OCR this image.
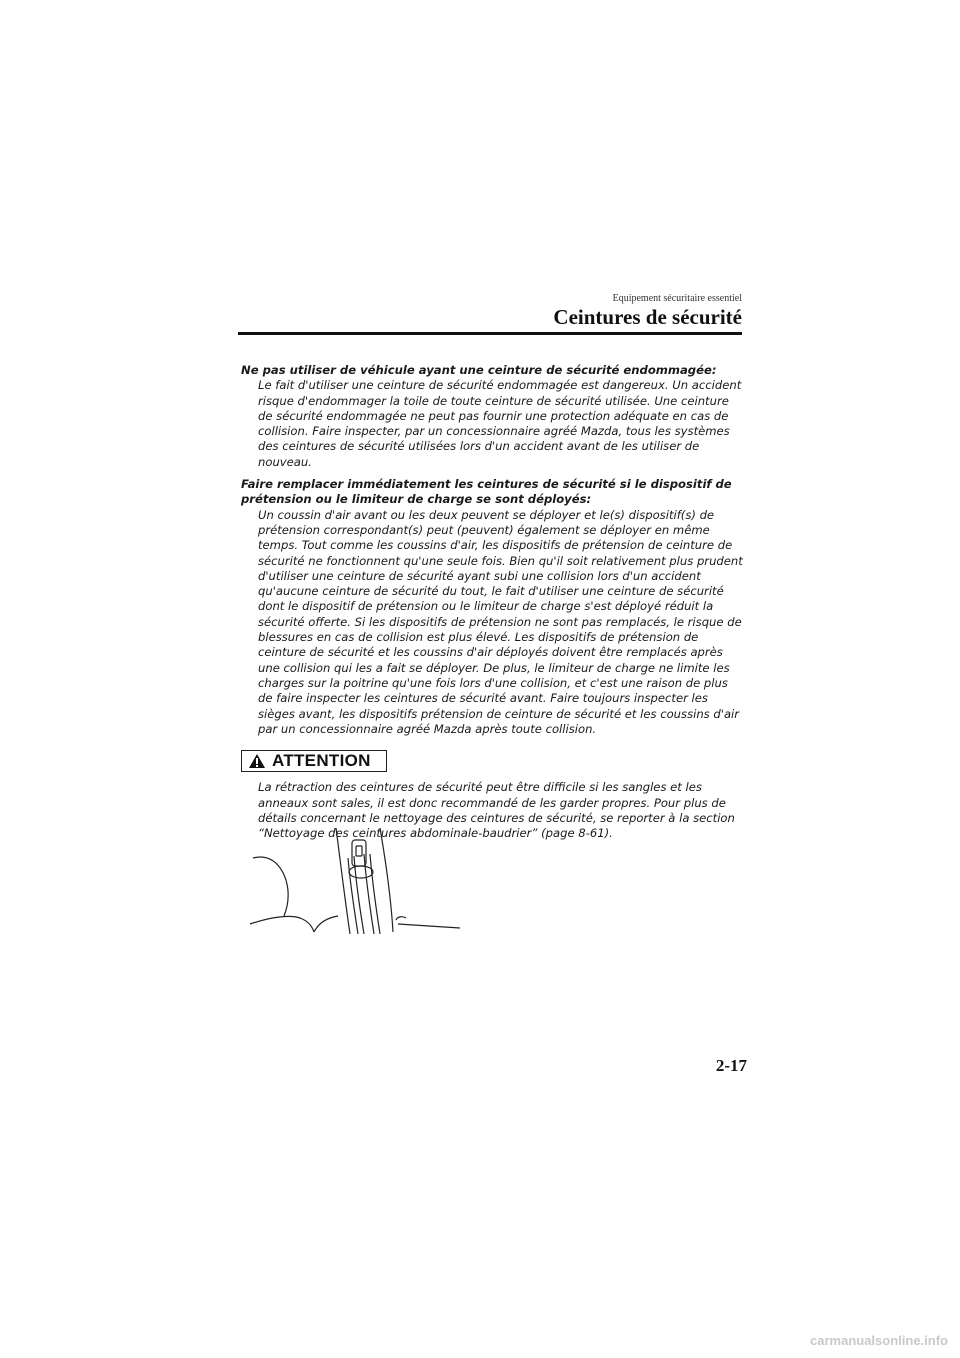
Equipement sécuritaire essentiel
Ceintures de sécurité

Ne pas utiliser de véhicule ayant une ceinture de sécurité endommagée:

Le fait d'utiliser une ceinture de sécurité endommagée est dangereux. Un accident risque d'endommager la toile de toute ceinture de sécurité utilisée. Une ceinture de sécurité endommagée ne peut pas fournir une protection adéquate en cas de collision. Faire inspecter, par un concessionnaire agréé Mazda, tous les systèmes des ceintures de sécurité utilisées lors d'un accident avant de les utiliser de nouveau.

Faire remplacer immédiatement les ceintures de sécurité si le dispositif de prétension ou le limiteur de charge se sont déployés:

Un coussin d'air avant ou les deux peuvent se déployer et le(s) dispositif(s) de prétension correspondant(s) peut (peuvent) également se déployer en même temps. Tout comme les coussins d'air, les dispositifs de prétension de ceinture de sécurité ne fonctionnent qu'une seule fois. Bien qu'il soit relativement plus prudent d'utiliser une ceinture de sécurité ayant subi une collision lors d'un accident qu'aucune ceinture de sécurité du tout, le fait d'utiliser une ceinture de sécurité dont le dispositif de prétension ou le limiteur de charge s'est déployé réduit la sécurité offerte. Si les dispositifs de prétension ne sont pas remplacés, le risque de blessures en cas de collision est plus élevé. Les dispositifs de prétension de ceinture de sécurité et les coussins d'air déployés doivent être remplacés après une collision qui les a fait se déployer. De plus, le limiteur de charge ne limite les charges sur la poitrine qu'une fois lors d'une collision, et c'est une raison de plus de faire inspecter les ceintures de sécurité avant. Faire toujours inspecter les sièges avant, les dispositifs prétension de ceinture de sécurité et les coussins d'air par un concessionnaire agréé Mazda après toute collision.

ATTENTION

La rétraction des ceintures de sécurité peut être difficile si les sangles et les anneaux sont sales, il est donc recommandé de les garder propres. Pour plus de détails concernant le nettoyage des ceintures de sécurité, se reporter à la section “Nettoyage des ceintures abdominale-baudrier” (page 8-61).

2-17
carmanualsonline.info
